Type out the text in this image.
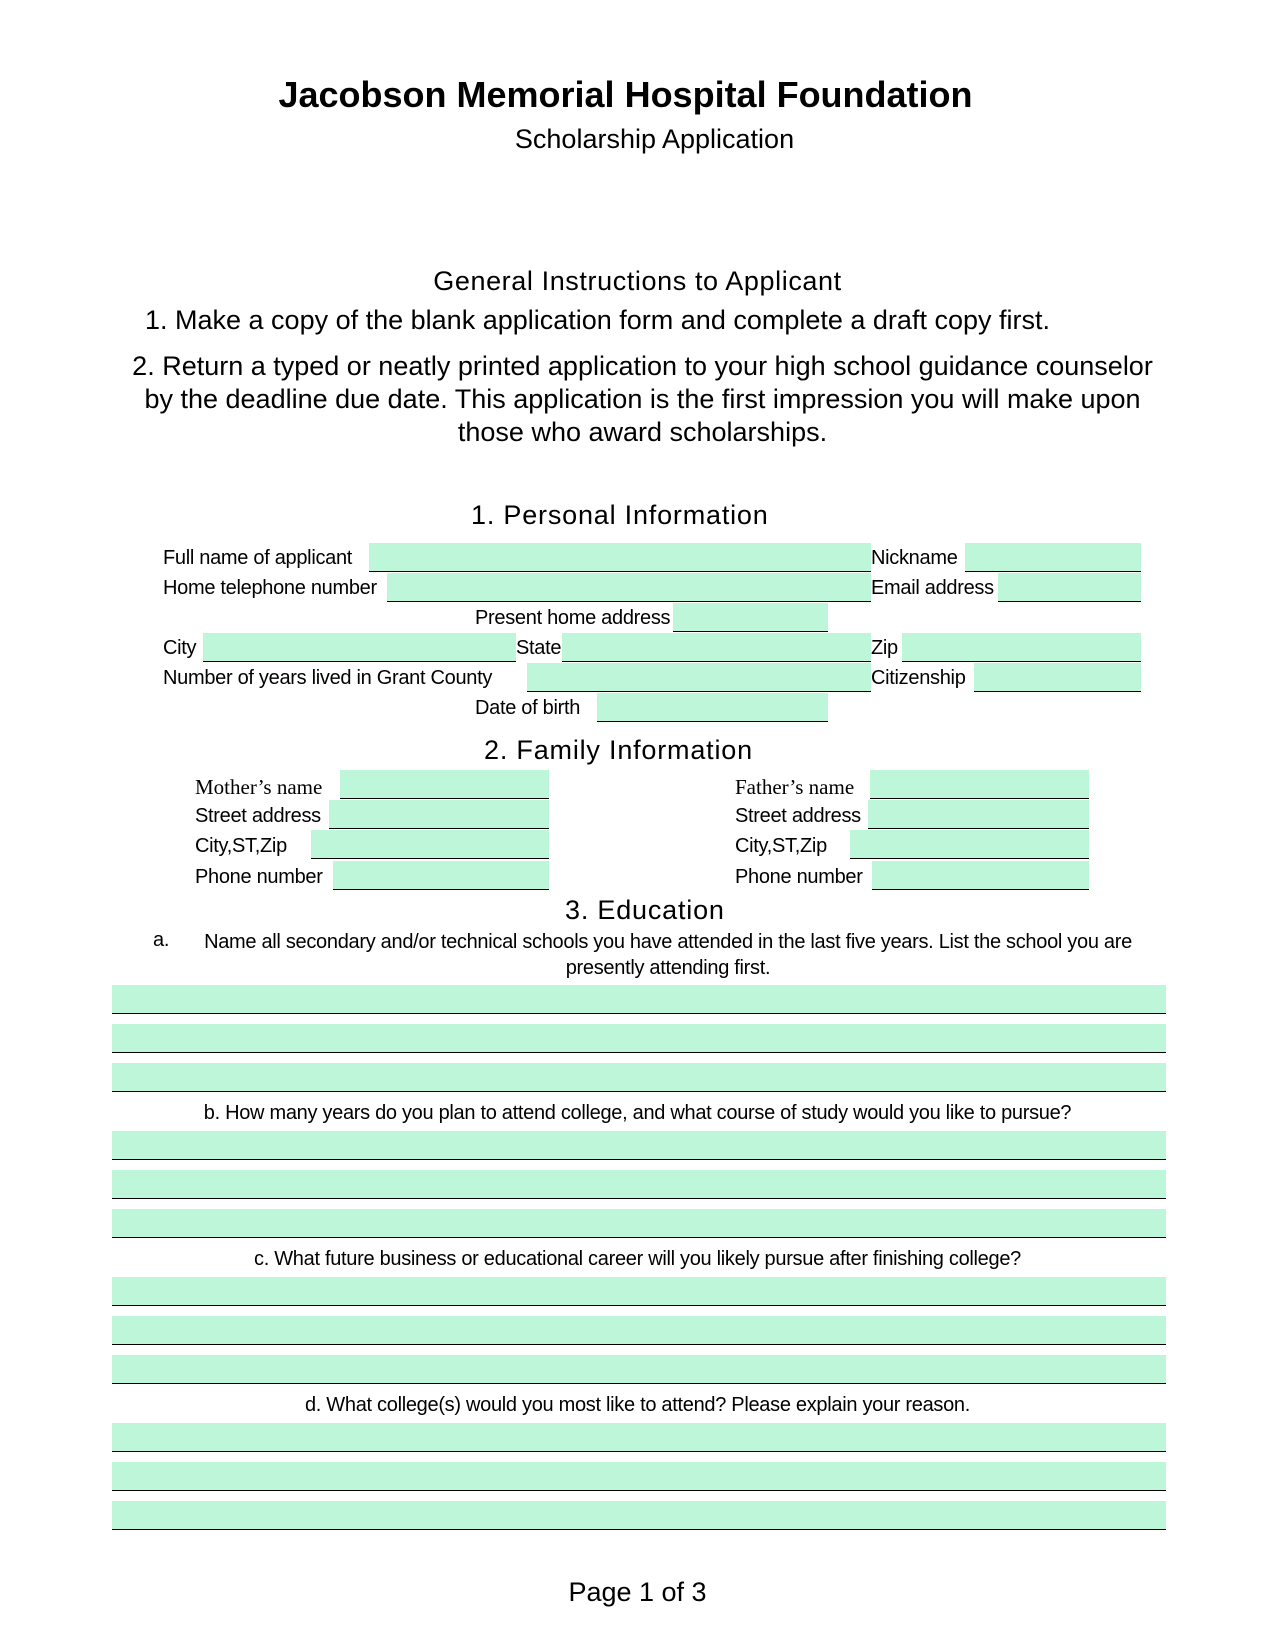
Jacobson Memorial Hospital Foundation
Scholarship Application
General Instructions to Applicant
1. Make a copy of the blank application form and complete a draft copy first.
2. Return a typed or neatly printed application to your high school guidance counselor by the deadline due date. This application is the first impression you will make upon those who award scholarships.
1. Personal Information
Full name of applicant	Nickname
Home telephone number	Email address
Present home address
City	State	Zip
Number of years lived in Grant County	Citizenship
Date of birth
2. Family Information
Mother’s name	Father’s name
Street address	Street address
City,ST,Zip	City,ST,Zip
Phone number	Phone number
3. Education
a.	Name all secondary and/or technical schools you have attended in the last five years. List the school you are presently attending first.
b. How many years do you plan to attend college, and what course of study would you like to pursue?
c. What future business or educational career will you likely pursue after finishing college?
d. What college(s) would you most like to attend? Please explain your reason.
Page 1 of 3
